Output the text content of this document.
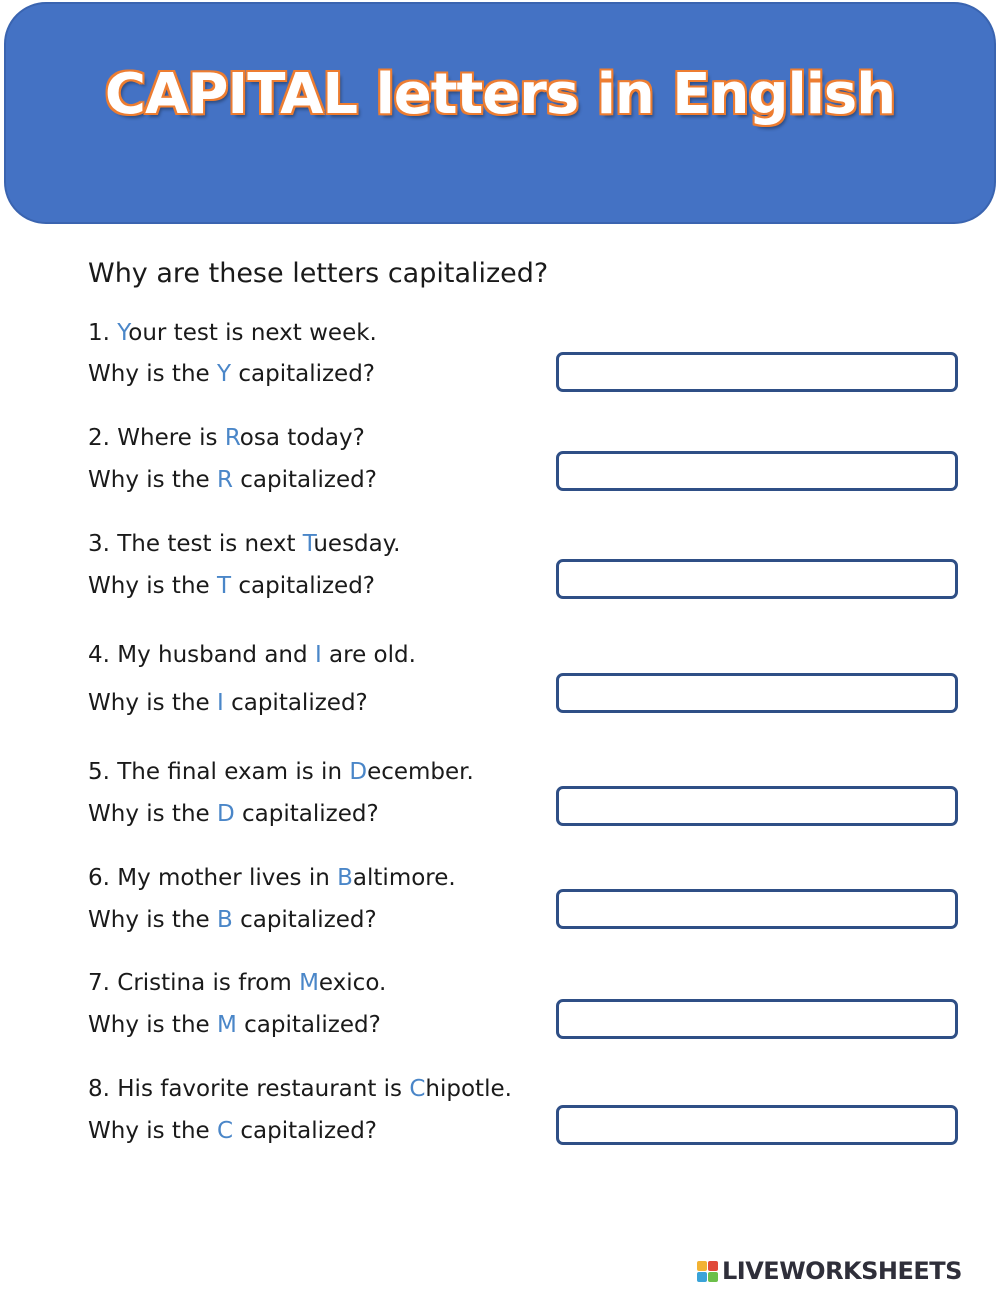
CAPITAL letters in English
Why are these letters capitalized?
1. Your test is next week.
Why is the Y capitalized?
2. Where is Rosa today?
Why is the R capitalized?
3. The test is next Tuesday.
Why is the T capitalized?
4. My husband and I are old.
Why is the I capitalized?
5. The final exam is in December.
Why is the D capitalized?
6. My mother lives in Baltimore.
Why is the B capitalized?
7. Cristina is from Mexico.
Why is the M capitalized?
8. His favorite restaurant is Chipotle.
Why is the C capitalized?
LIVEWORKSHEETS
